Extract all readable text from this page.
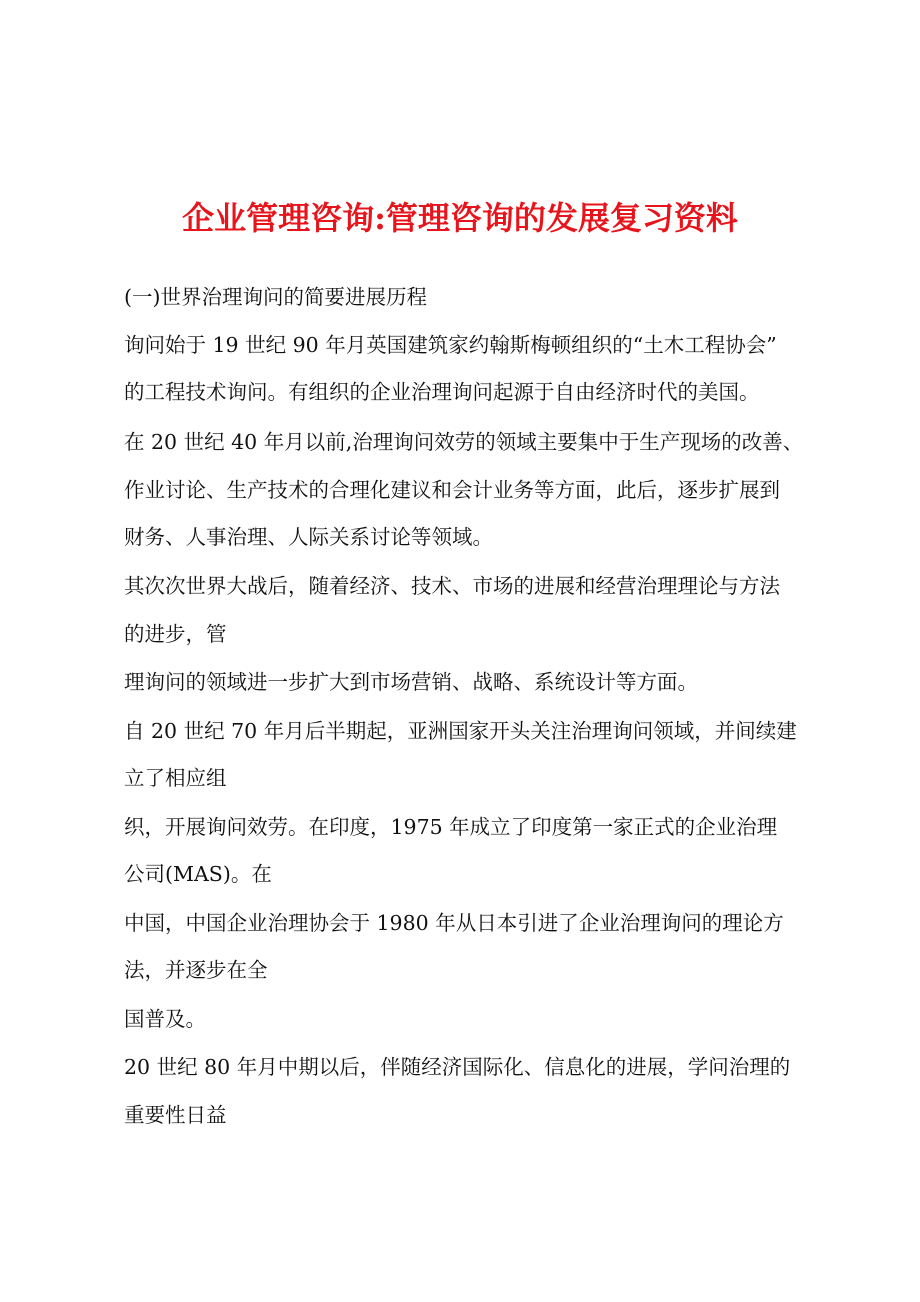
企业管理咨询:管理咨询的发展复习资料

(一)世界治理询问的简要进展历程

询问始于 19 世纪 90 年月英国建筑家约翰斯梅顿组织的“土木工程协会”

的工程技术询问。有组织的企业治理询问起源于自由经济时代的美国。

在 20 世纪 40 年月以前,治理询问效劳的领域主要集中于生产现场的改善、

作业讨论、生产技术的合理化建议和会计业务等方面，此后，逐步扩展到

财务、人事治理、人际关系讨论等领域。

其次次世界大战后，随着经济、技术、市场的进展和经营治理理论与方法

的进步，管

理询问的领域进一步扩大到市场营销、战略、系统设计等方面。

自 20 世纪 70 年月后半期起，亚洲国家开头关注治理询问领域，并间续建

立了相应组

织，开展询问效劳。在印度，1975 年成立了印度第一家正式的企业治理

公司(MAS)。在

中国，中国企业治理协会于 1980 年从日本引进了企业治理询问的理论方

法，并逐步在全

国普及。

20 世纪 80 年月中期以后，伴随经济国际化、信息化的进展，学问治理的

重要性日益
